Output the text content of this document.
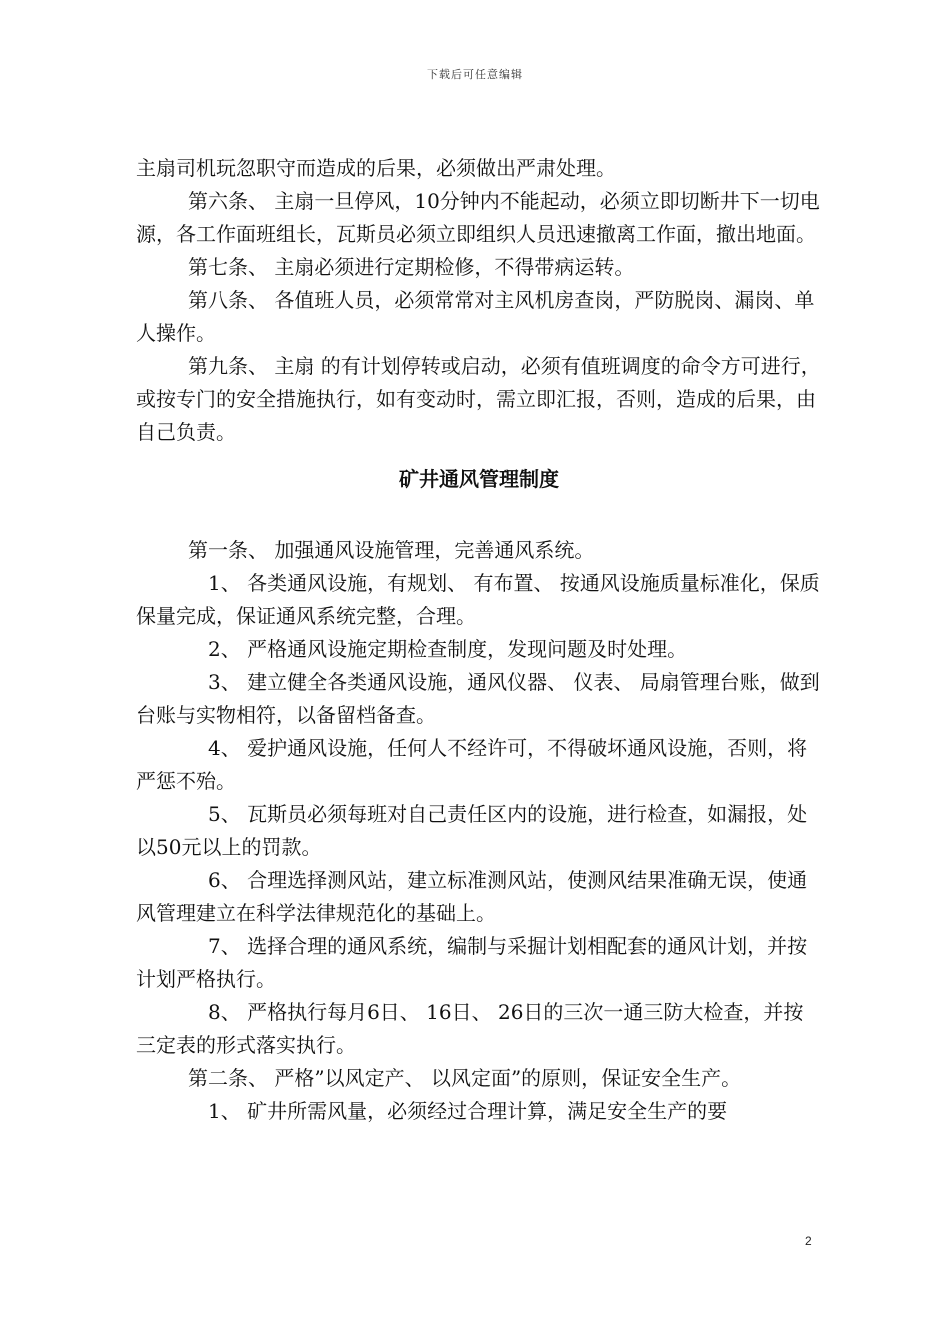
下载后可任意编辑

主扇司机玩忽职守而造成的后果，必须做出严肃处理。

第六条、 主扇一旦停风，10分钟内不能起动，必须立即切断井下一切电源，各工作面班组长，瓦斯员必须立即组织人员迅速撤离工作面，撤出地面。

第七条、 主扇必须进行定期检修，不得带病运转。

第八条、 各值班人员，必须常常对主风机房查岗，严防脱岗、漏岗、单人操作。

第九条、 主扇 的有计划停转或启动，必须有值班调度的命令方可进行，或按专门的安全措施执行，如有变动时，需立即汇报，否则，造成的后果，由自己负责。

矿井通风管理制度

第一条、 加强通风设施管理，完善通风系统。

1、 各类通风设施，有规划、 有布置、 按通风设施质量标准化，保质保量完成，保证通风系统完整，合理。

2、 严格通风设施定期检查制度，发现问题及时处理。

3、 建立健全各类通风设施，通风仪器、 仪表、 局扇管理台账，做到台账与实物相符，以备留档备查。

4、 爱护通风设施，任何人不经许可，不得破坏通风设施，否则，将严惩不殆。

5、 瓦斯员必须每班对自己责任区内的设施，进行检查，如漏报，处以50元以上的罚款。

6、 合理选择测风站，建立标准测风站，使测风结果准确无误，使通风管理建立在科学法律规范化的基础上。

7、 选择合理的通风系统，编制与采掘计划相配套的通风计划，并按计划严格执行。

8、 严格执行每月6日、 16日、 26日的三次一通三防大检查，并按三定表的形式落实执行。

第二条、 严格”以风定产、 以风定面”的原则，保证安全生产。

1、 矿井所需风量，必须经过合理计算，满足安全生产的要

2
